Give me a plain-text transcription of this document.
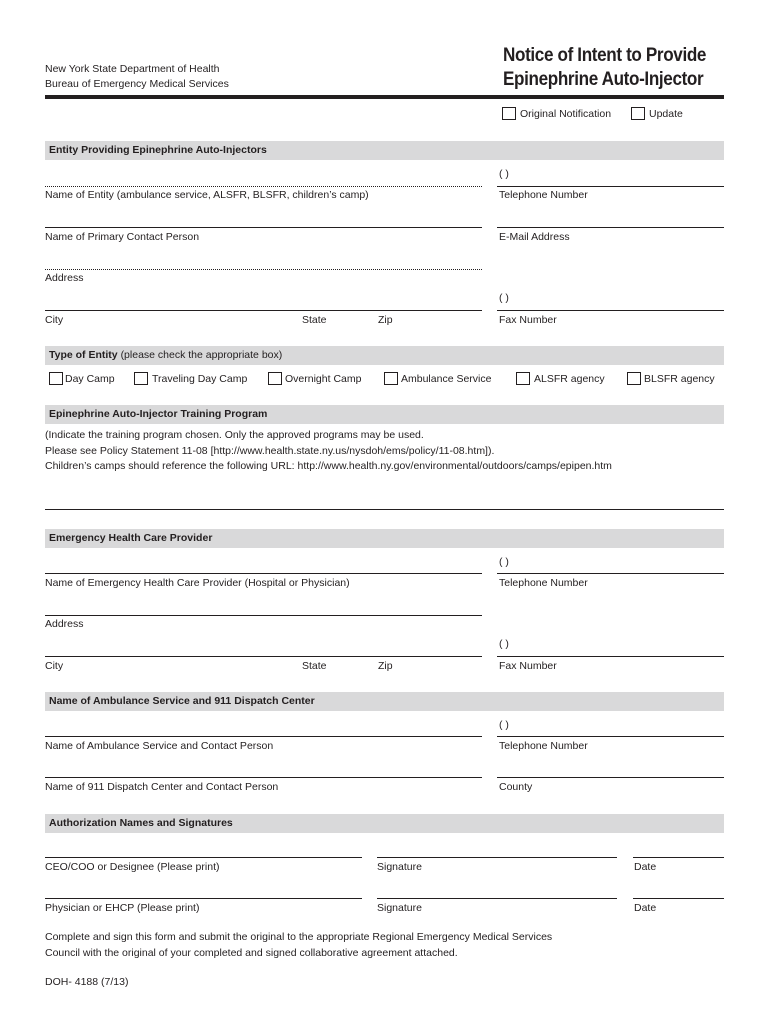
New York State Department of Health
Bureau of Emergency Medical Services
Notice of Intent to Provide
Epinephrine Auto-Injector
Original Notification	Update
Entity Providing Epinephrine Auto-Injectors
( )
Name of Entity (ambulance service, ALSFR, BLSFR, children’s camp)	Telephone Number
Name of Primary Contact Person	E-Mail Address
Address
( )
City	State	Zip	Fax Number
Type of Entity (please check the appropriate box)
Day Camp	Traveling Day Camp	Overnight Camp	Ambulance Service	ALSFR agency	BLSFR agency
Epinephrine Auto-Injector Training Program
(Indicate the training program chosen. Only the approved programs may be used.
Please see Policy Statement 11-08 [http://www.health.state.ny.us/nysdoh/ems/policy/11-08.htm]).
Children’s camps should reference the following URL: http://www.health.ny.gov/environmental/outdoors/camps/epipen.htm
Emergency Health Care Provider
( )
Name of Emergency Health Care Provider (Hospital or Physician)	Telephone Number
Address
( )
City	State	Zip	Fax Number
Name of Ambulance Service and 911 Dispatch Center
( )
Name of Ambulance Service and Contact Person	Telephone Number
Name of 911 Dispatch Center and Contact Person	County
Authorization Names and Signatures
CEO/COO or Designee (Please print)	Signature	Date
Physician or EHCP (Please print)	Signature	Date
Complete and sign this form and submit the original to the appropriate Regional Emergency Medical Services
Council with the original of your completed and signed collaborative agreement attached.
DOH- 4188 (7/13)
